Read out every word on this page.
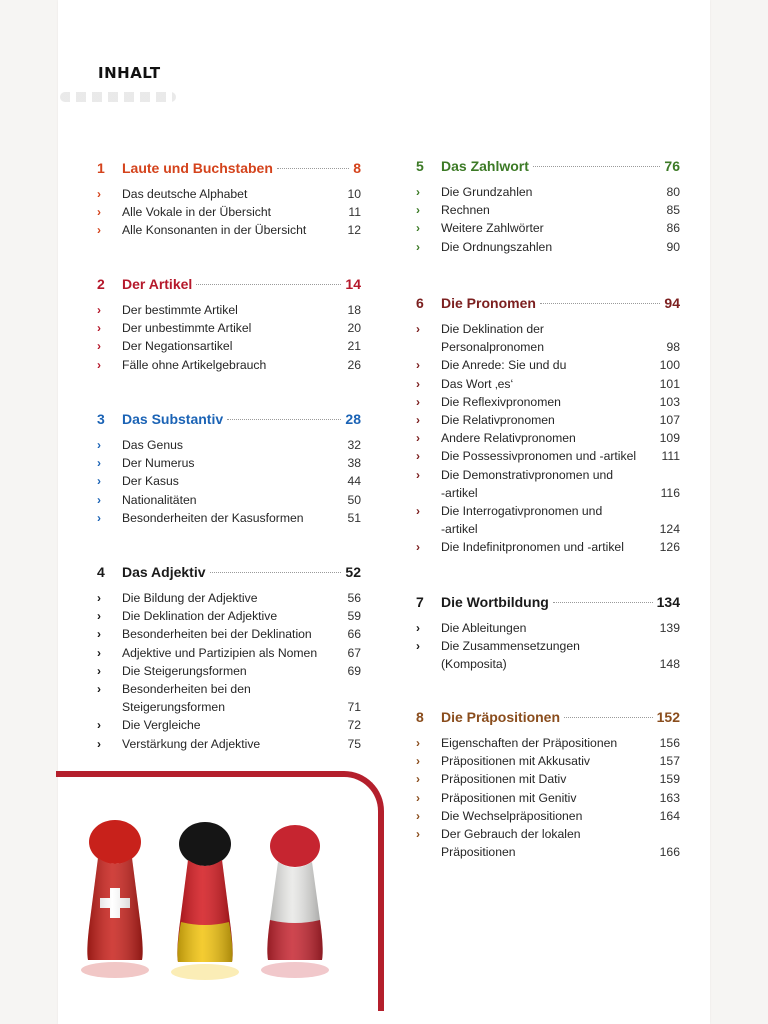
INHALT
1	Laute und Buchstaben	8
›	Das deutsche Alphabet	10
›	Alle Vokale in der Übersicht	11
›	Alle Konsonanten in der Übersicht	12
2	Der Artikel	14
›	Der bestimmte Artikel	18
›	Der unbestimmte Artikel	20
›	Der Negationsartikel	21
›	Fälle ohne Artikelgebrauch	26
3	Das Substantiv	28
›	Das Genus	32
›	Der Numerus	38
›	Der Kasus	44
›	Nationalitäten	50
›	Besonderheiten der Kasusformen	51
4	Das Adjektiv	52
›	Die Bildung der Adjektive	56
›	Die Deklination der Adjektive	59
›	Besonderheiten bei der Deklination	66
›	Adjektive und Partizipien als Nomen	67
›	Die Steigerungsformen	69
›	Besonderheiten bei den
Steigerungsformen	71
›	Die Vergleiche	72
›	Verstärkung der Adjektive	75
5	Das Zahlwort	76
›	Die Grundzahlen	80
›	Rechnen	85
›	Weitere Zahlwörter	86
›	Die Ordnungszahlen	90
6	Die Pronomen	94
›	Die Deklination der
Personalpronomen	98
›	Die Anrede: Sie und du	100
›	Das Wort ‚es‘	101
›	Die Reflexivpronomen	103
›	Die Relativpronomen	107
›	Andere Relativpronomen	109
›	Die Possessivpronomen und -artikel	111
›	Die Demonstrativpronomen und
-artikel	116
›	Die Interrogativpronomen und
-artikel	124
›	Die Indefinitpronomen und -artikel	126
7	Die Wortbildung	134
›	Die Ableitungen	139
›	Die Zusammensetzungen
(Komposita)	148
8	Die Präpositionen	152
›	Eigenschaften der Präpositionen	156
›	Präpositionen mit Akkusativ	157
›	Präpositionen mit Dativ	159
›	Präpositionen mit Genitiv	163
›	Die Wechselpräpositionen	164
›	Der Gebrauch der lokalen
Präpositionen	166
